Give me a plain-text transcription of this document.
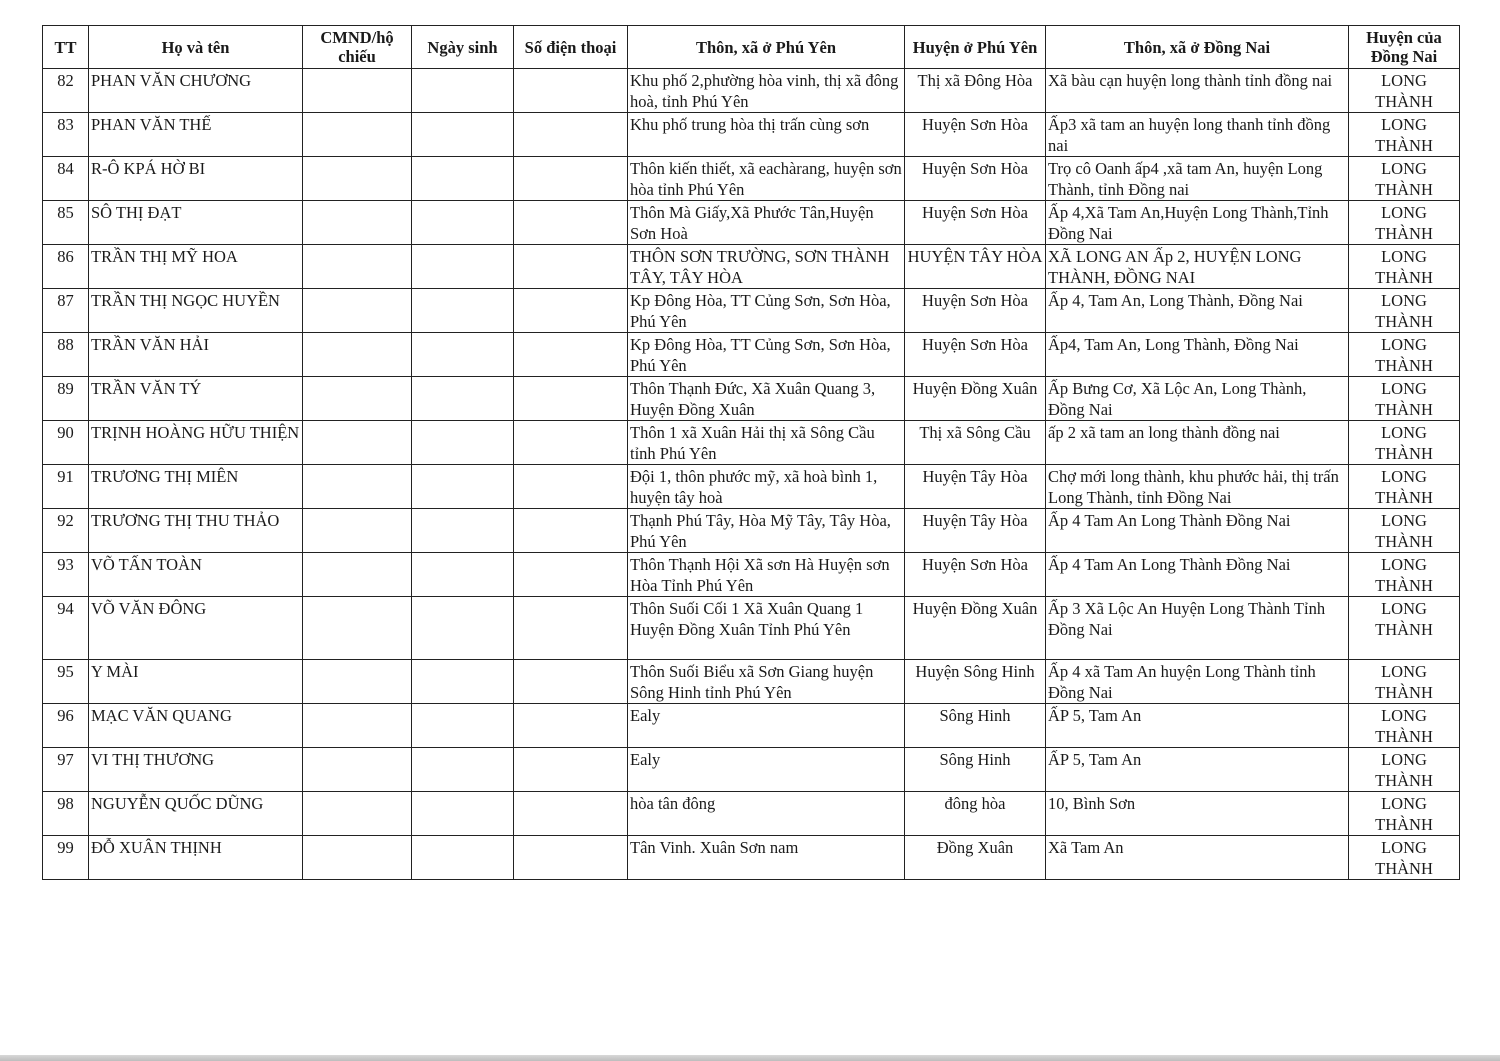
TT	Họ và tên	CMND/hộ chiếu	Ngày sinh	Số điện thoại	Thôn, xã ở Phú Yên	Huyện ở Phú Yên	Thôn, xã ở Đồng Nai	Huyện của Đồng Nai
82	PHAN VĂN CHƯƠNG				Khu phố 2,phường hòa vinh, thị xã đông hoà, tỉnh Phú Yên	Thị xã Đông Hòa	Xã bàu cạn huyện long thành tỉnh đồng nai	LONG THÀNH
83	PHAN VĂN THẾ				Khu phố trung hòa thị trấn cùng sơn	Huyện Sơn Hòa	Ấp3 xã tam an huyện long thanh tỉnh đồng nai	LONG THÀNH
84	R-Ô KPÁ HỜ BI				Thôn kiến thiết, xã eachàrang, huyện sơn hòa tỉnh Phú Yên	Huyện Sơn Hòa	Trọ cô Oanh ấp4 ,xã tam An, huyện Long Thành, tỉnh Đồng nai	LONG THÀNH
85	SÔ THỊ ĐẠT				Thôn Mà Giấy,Xã Phước Tân,Huyện Sơn Hoà	Huyện Sơn Hòa	Ấp 4,Xã Tam An,Huyện Long Thành,Tỉnh Đồng Nai	LONG THÀNH
86	TRẦN THỊ MỸ HOA				THÔN SƠN TRƯỜNG, SƠN THÀNH TÂY, TÂY HÒA	HUYỆN TÂY HÒA	XÃ LONG AN Ấp 2, HUYỆN LONG THÀNH, ĐỒNG NAI	LONG THÀNH
87	TRẦN THỊ NGỌC HUYỀN				Kp Đông Hòa, TT Củng Sơn, Sơn Hòa, Phú Yên	Huyện Sơn Hòa	Ấp 4, Tam An, Long Thành, Đồng Nai	LONG THÀNH
88	TRẦN VĂN HẢI				Kp Đông Hòa, TT Củng Sơn, Sơn Hòa, Phú Yên	Huyện Sơn Hòa	Ấp4, Tam An, Long Thành, Đồng Nai	LONG THÀNH
89	TRẦN VĂN TÝ				Thôn Thạnh Đức, Xã Xuân Quang 3, Huyện Đồng Xuân	Huyện Đồng Xuân	Ấp Bưng Cơ, Xã Lộc An, Long Thành, Đồng Nai	LONG THÀNH
90	TRỊNH HOÀNG HỮU THIỆN				Thôn 1 xã Xuân Hải thị xã Sông Cầu tỉnh Phú Yên	Thị xã Sông Cầu	ấp 2 xã tam an long thành đồng nai	LONG THÀNH
91	TRƯƠNG THỊ MIÊN				Đội 1, thôn phước mỹ, xã hoà bình 1, huyện tây hoà	Huyện Tây Hòa	Chợ mới long thành, khu phước hải, thị trấn Long Thành, tỉnh Đồng Nai	LONG THÀNH
92	TRƯƠNG THỊ THU THẢO				Thạnh Phú Tây, Hòa Mỹ Tây, Tây Hòa, Phú Yên	Huyện Tây Hòa	Ấp 4 Tam An Long Thành Đồng Nai	LONG THÀNH
93	VÕ TẤN TOÀN				Thôn Thạnh Hội Xã sơn Hà Huyện sơn Hòa Tỉnh Phú Yên	Huyện Sơn Hòa	Ấp 4 Tam An Long Thành Đồng Nai	LONG THÀNH
94	VÕ VĂN ĐÔNG				Thôn Suối Cối 1 Xã Xuân Quang 1 Huyện Đồng Xuân Tỉnh Phú Yên	Huyện Đồng Xuân	Ấp 3 Xã Lộc An Huyện Long Thành Tỉnh Đồng Nai	LONG THÀNH
95	Y MÀI				Thôn Suối Biểu xã Sơn Giang huyện Sông Hinh tỉnh Phú Yên	Huyện Sông Hinh	Ấp 4 xã Tam An huyện Long Thành tỉnh Đồng Nai	LONG THÀNH
96	MẠC VĂN QUANG				Ealy	Sông Hinh	ẤP 5, Tam An	LONG THÀNH
97	VI THỊ THƯƠNG				Ealy	Sông Hinh	ẤP 5, Tam An	LONG THÀNH
98	NGUYỄN QUỐC DŨNG				hòa tân đông	đông hòa	10, Bình Sơn	LONG THÀNH
99	ĐỖ XUÂN THỊNH				Tân Vinh. Xuân Sơn nam	Đồng Xuân	Xã Tam An	LONG THÀNH
